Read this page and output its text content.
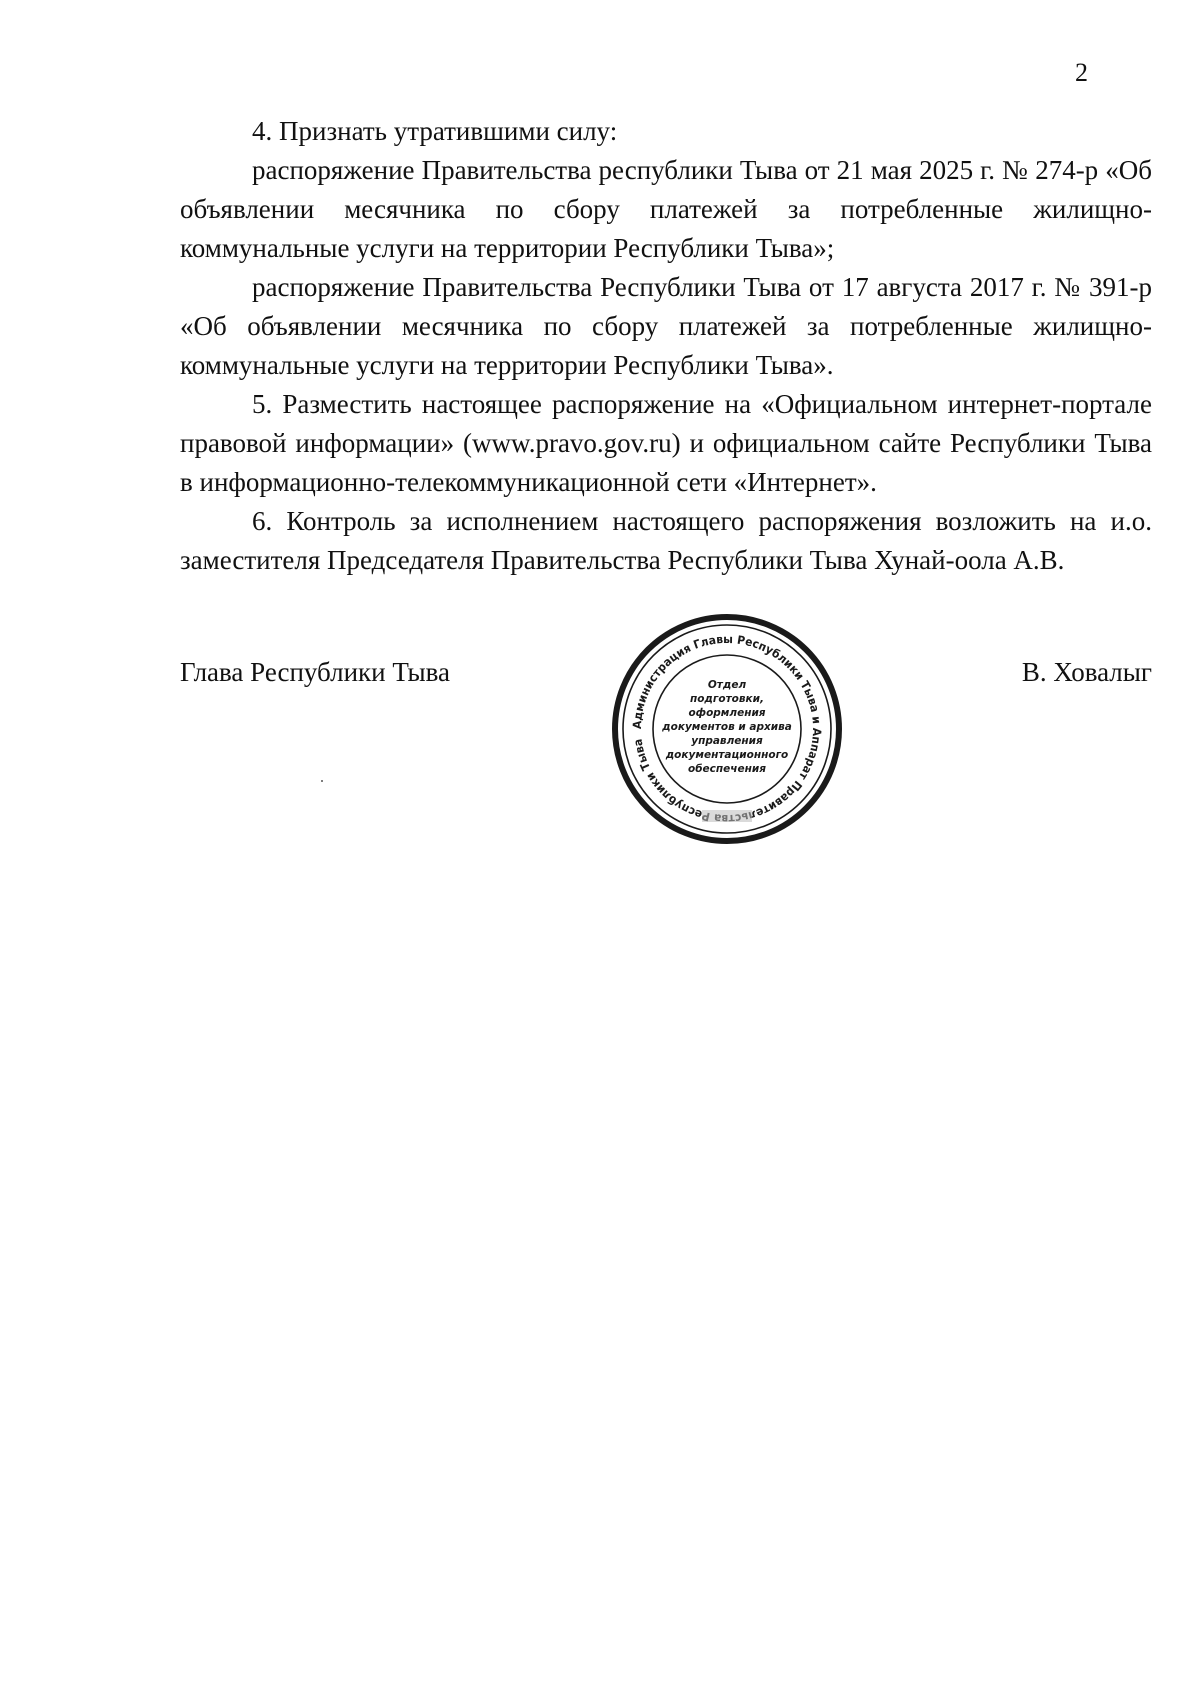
2

4. Признать утратившими силу:

распоряжение Правительства республики Тыва от 21 мая 2025 г. № 274-р «Об объявлении месячника по сбору платежей за потребленные жилищно-коммунальные услуги на территории Республики Тыва»;

распоряжение Правительства Республики Тыва от 17 августа 2017 г. № 391-р «Об объявлении месячника по сбору платежей за потребленные жилищно-коммунальные услуги на территории Республики Тыва».

5. Разместить настоящее распоряжение на «Официальном интернет-портале правовой информации» (www.pravo.gov.ru) и официальном сайте Республики Тыва в информационно-телекоммуникационной сети «Интернет».

6. Контроль за исполнением настоящего распоряжения возложить на и.о. заместителя Председателя Правительства Республики Тыва Хунай-оола А.В.

Глава Республики Тыва	В. Ховалыг
Администрация Главы Республики Тыва и Аппарат Правител еспублики Тыва
Отдел
подготовки,
оформления
документов и архива
управления
документационного
обеспечения
